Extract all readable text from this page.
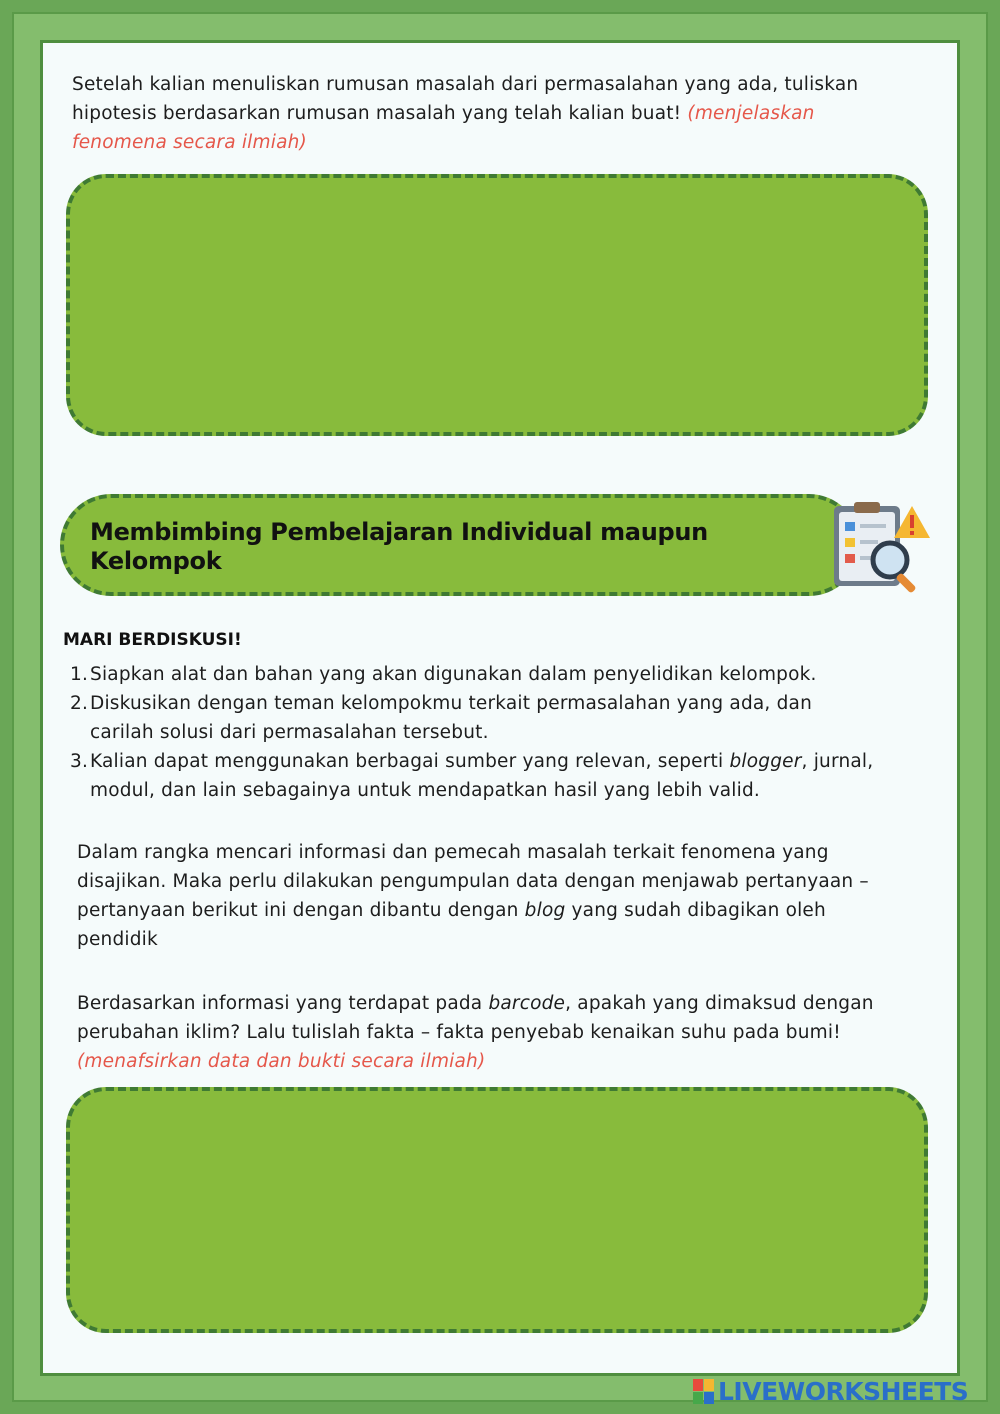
Setelah kalian menuliskan rumusan masalah dari permasalahan yang ada, tuliskan
hipotesis berdasarkan rumusan masalah yang telah kalian buat! (menjelaskan
fenomena secara ilmiah)
Membimbing Pembelajaran Individual maupun Kelompok
MARI BERDISKUSI!
1. Siapkan alat dan bahan yang akan digunakan dalam penyelidikan kelompok.
2. Diskusikan dengan teman kelompokmu terkait permasalahan yang ada, dan
carilah solusi dari permasalahan tersebut.
3. Kalian dapat menggunakan berbagai sumber yang relevan, seperti blogger, jurnal,
modul, dan lain sebagainya untuk mendapatkan hasil yang lebih valid.
Dalam rangka mencari informasi dan pemecah masalah terkait fenomena yang
disajikan. Maka perlu dilakukan pengumpulan data dengan menjawab pertanyaan –
pertanyaan berikut ini dengan dibantu dengan blog yang sudah dibagikan oleh
pendidik
Berdasarkan informasi yang terdapat pada barcode, apakah yang dimaksud dengan
perubahan iklim? Lalu tulislah fakta – fakta penyebab kenaikan suhu pada bumi!
(menafsirkan data dan bukti secara ilmiah)
LIVEWORKSHEETS
